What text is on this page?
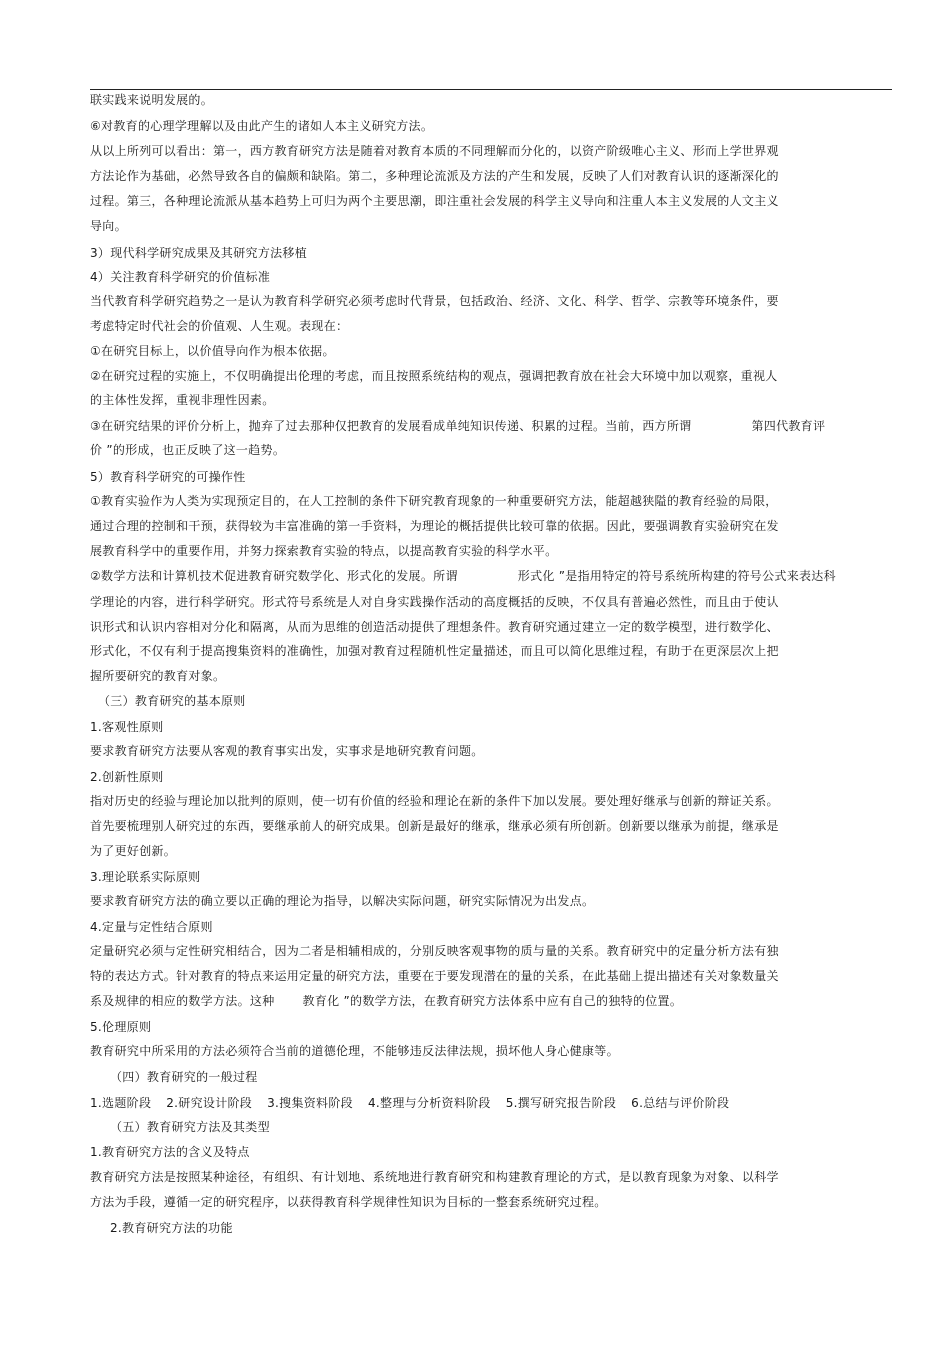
联实践来说明发展的。
⑥对教育的心理学理解以及由此产生的诸如人本主义研究方法。
从以上所列可以看出：第一，西方教育研究方法是随着对教育本质的不同理解而分化的，以资产阶级唯心主义、形而上学世界观
方法论作为基础，必然导致各自的偏颇和缺陷。第二，多种理论流派及方法的产生和发展，反映了人们对教育认识的逐渐深化的
过程。第三，各种理论流派从基本趋势上可归为两个主要思潮，即注重社会发展的科学主义导向和注重人本主义发展的人文主义
导向。
3）现代科学研究成果及其研究方法移植
4）关注教育科学研究的价值标准
当代教育科学研究趋势之一是认为教育科学研究必须考虑时代背景，包括政治、经济、文化、科学、哲学、宗教等环境条件，要
考虑特定时代社会的价值观、人生观。表现在：
①在研究目标上，以价值导向作为根本依据。
②在研究过程的实施上，不仅明确提出伦理的考虑，而且按照系统结构的观点，强调把教育放在社会大环境中加以观察，重视人
的主体性发挥，重视非理性因素。
③在研究结果的评价分析上，抛弃了过去那种仅把教育的发展看成单纯知识传递、积累的过程。当前，西方所谓	第四代教育评
价 ”的形成，也正反映了这一趋势。
5）教育科学研究的可操作性
①教育实验作为人类为实现预定目的，在人工控制的条件下研究教育现象的一种重要研究方法，能超越狭隘的教育经验的局限，
通过合理的控制和干预，获得较为丰富准确的第一手资料，为理论的概括提供比较可靠的依据。因此，要强调教育实验研究在发
展教育科学中的重要作用，并努力探索教育实验的特点，以提高教育实验的科学水平。
②数学方法和计算机技术促进教育研究数学化、形式化的发展。所谓	形式化 ”是指用特定的符号系统所构建的符号公式来表达科
学理论的内容，进行科学研究。形式符号系统是人对自身实践操作活动的高度概括的反映，不仅具有普遍必然性，而且由于使认
识形式和认识内容相对分化和隔离，从而为思维的创造活动提供了理想条件。教育研究通过建立一定的数学模型，进行数学化、
形式化，不仅有利于提高搜集资料的准确性，加强对教育过程随机性定量描述，而且可以简化思维过程，有助于在更深层次上把
握所要研究的教育对象。
（三）教育研究的基本原则
1.客观性原则
要求教育研究方法要从客观的教育事实出发，实事求是地研究教育问题。
2.创新性原则
指对历史的经验与理论加以批判的原则，使一切有价值的经验和理论在新的条件下加以发展。要处理好继承与创新的辩证关系。
首先要梳理别人研究过的东西，要继承前人的研究成果。创新是最好的继承，继承必须有所创新。创新要以继承为前提，继承是
为了更好创新。
3.理论联系实际原则
要求教育研究方法的确立要以正确的理论为指导，以解决实际问题，研究实际情况为出发点。
4.定量与定性结合原则
定量研究必须与定性研究相结合，因为二者是相辅相成的，分别反映客观事物的质与量的关系。教育研究中的定量分析方法有独
特的表达方式。针对教育的特点来运用定量的研究方法，重要在于要发现潜在的量的关系，在此基础上提出描述有关对象数量关
系及规律的相应的数学方法。这种 教育化 ”的数学方法，在教育研究方法体系中应有自己的独特的位置。
5.伦理原则
教育研究中所采用的方法必须符合当前的道德伦理，不能够违反法律法规，损坏他人身心健康等。
（四）教育研究的一般过程
1.选题阶段 2.研究设计阶段 3.搜集资料阶段 4.整理与分析资料阶段 5.撰写研究报告阶段 6.总结与评价阶段
（五）教育研究方法及其类型
1.教育研究方法的含义及特点
教育研究方法是按照某种途径，有组织、有计划地、系统地进行教育研究和构建教育理论的方式，是以教育现象为对象、以科学
方法为手段，遵循一定的研究程序，以获得教育科学规律性知识为目标的一整套系统研究过程。
2.教育研究方法的功能
